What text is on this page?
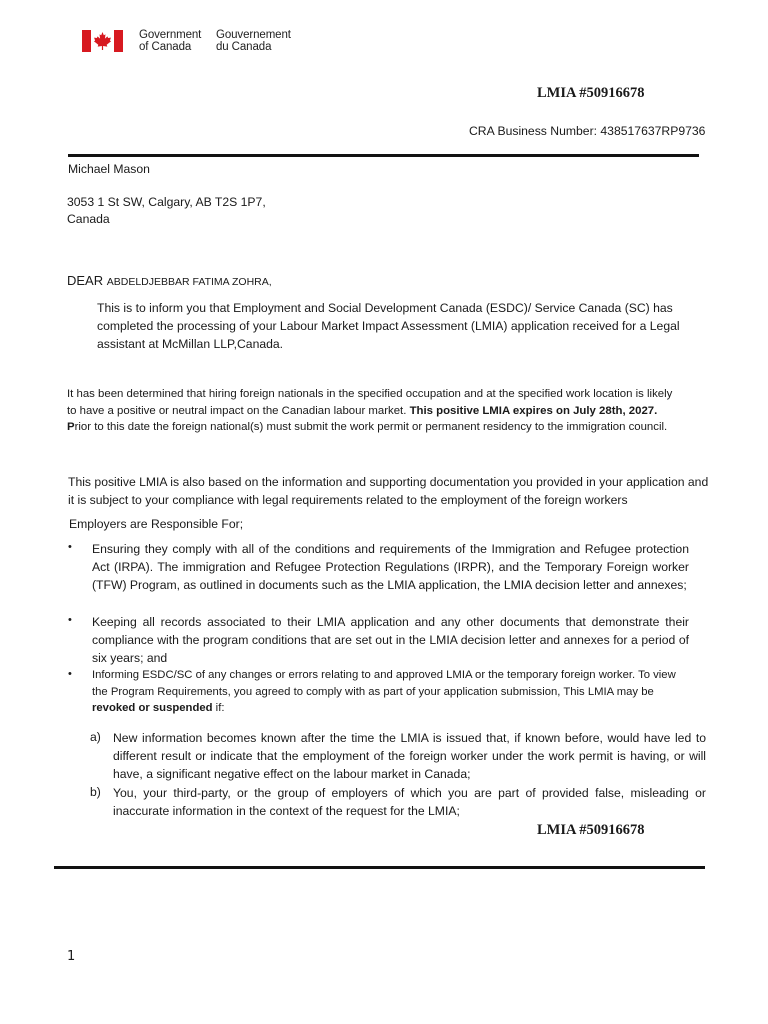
Government
of Canada
Gouvernement
du Canada
LMIA #50916678
CRA Business Number: 438517637RP9736
Michael Mason
3053 1 St SW, Calgary, AB T2S 1P7,
Canada
DEAR ABDELDJEBBAR FATIMA ZOHRA,
This is to inform you that Employment and Social Development Canada (ESDC)/ Service Canada (SC) has completed the processing of your Labour Market Impact Assessment (LMIA) application received for a Legal assistant at McMillan LLP,Canada.
It has been determined that hiring foreign nationals in the specified occupation and at the specified work location is likely to have a positive or neutral impact on the Canadian labour market. This positive LMIA expires on July 28th, 2027. Prior to this date the foreign national(s) must submit the work permit or permanent residency to the immigration council.
This positive LMIA is also based on the information and supporting documentation you provided in your application and it is subject to your compliance with legal requirements related to the employment of the foreign workers
Employers are Responsible For;
• Ensuring they comply with all of the conditions and requirements of the Immigration and Refugee protection Act (IRPA). The immigration and Refugee Protection Regulations (IRPR), and the Temporary Foreign worker (TFW) Program, as outlined in documents such as the LMIA application, the LMIA decision letter and annexes;
• Keeping all records associated to their LMIA application and any other documents that demonstrate their compliance with the program conditions that are set out in the LMIA decision letter and annexes for a period of six years; and
• Informing ESDC/SC of any changes or errors relating to and approved LMIA or the temporary foreign worker. To view the Program Requirements, you agreed to comply with as part of your application submission, This LMIA may be revoked or suspended if:
a) New information becomes known after the time the LMIA is issued that, if known before, would have led to different result or indicate that the employment of the foreign worker under the work permit is having, or will have, a significant negative effect on the labour market in Canada;
b) You, your third-party, or the group of employers of which you are part of provided false, misleading or inaccurate information in the context of the request for the LMIA;
LMIA #50916678
1
